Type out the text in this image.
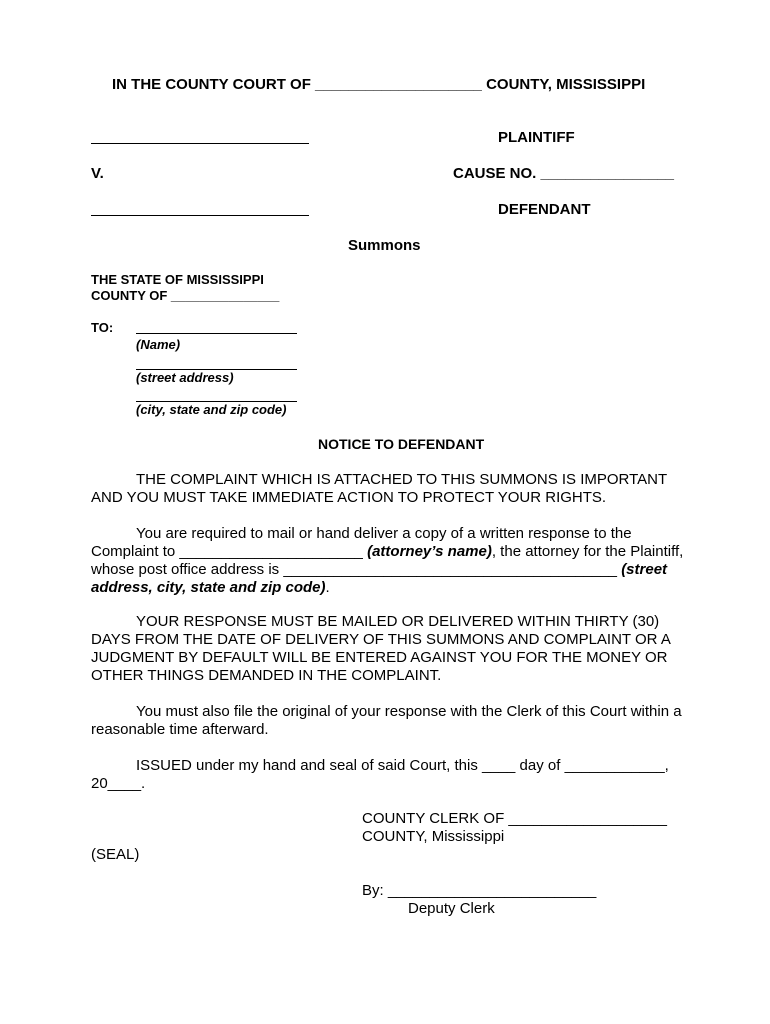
IN THE COUNTY COURT OF ____________________ COUNTY, MISSISSIPPI
PLAINTIFF
V.	CAUSE NO. ________________
DEFENDANT
Summons
THE STATE OF MISSISSIPPI
COUNTY OF _______________
TO:
(Name)
(street address)
(city, state and zip code)
NOTICE TO DEFENDANT
THE COMPLAINT WHICH IS ATTACHED TO THIS SUMMONS IS IMPORTANT AND YOU MUST TAKE IMMEDIATE ACTION TO PROTECT YOUR RIGHTS.
You are required to mail or hand deliver a copy of a written response to the Complaint to ______________________ (attorney’s name), the attorney for the Plaintiff, whose post office address is ________________________________________ (street address, city, state and zip code).
YOUR RESPONSE MUST BE MAILED OR DELIVERED WITHIN THIRTY (30) DAYS FROM THE DATE OF DELIVERY OF THIS SUMMONS AND COMPLAINT OR A JUDGMENT BY DEFAULT WILL BE ENTERED AGAINST YOU FOR THE MONEY OR OTHER THINGS DEMANDED IN THE COMPLAINT.
You must also file the original of your response with the Clerk of this Court within a reasonable time afterward.
ISSUED under my hand and seal of said Court, this ____ day of ____________, 20____.
COUNTY CLERK OF ___________________
COUNTY, Mississippi
(SEAL)
By: _________________________
Deputy Clerk
